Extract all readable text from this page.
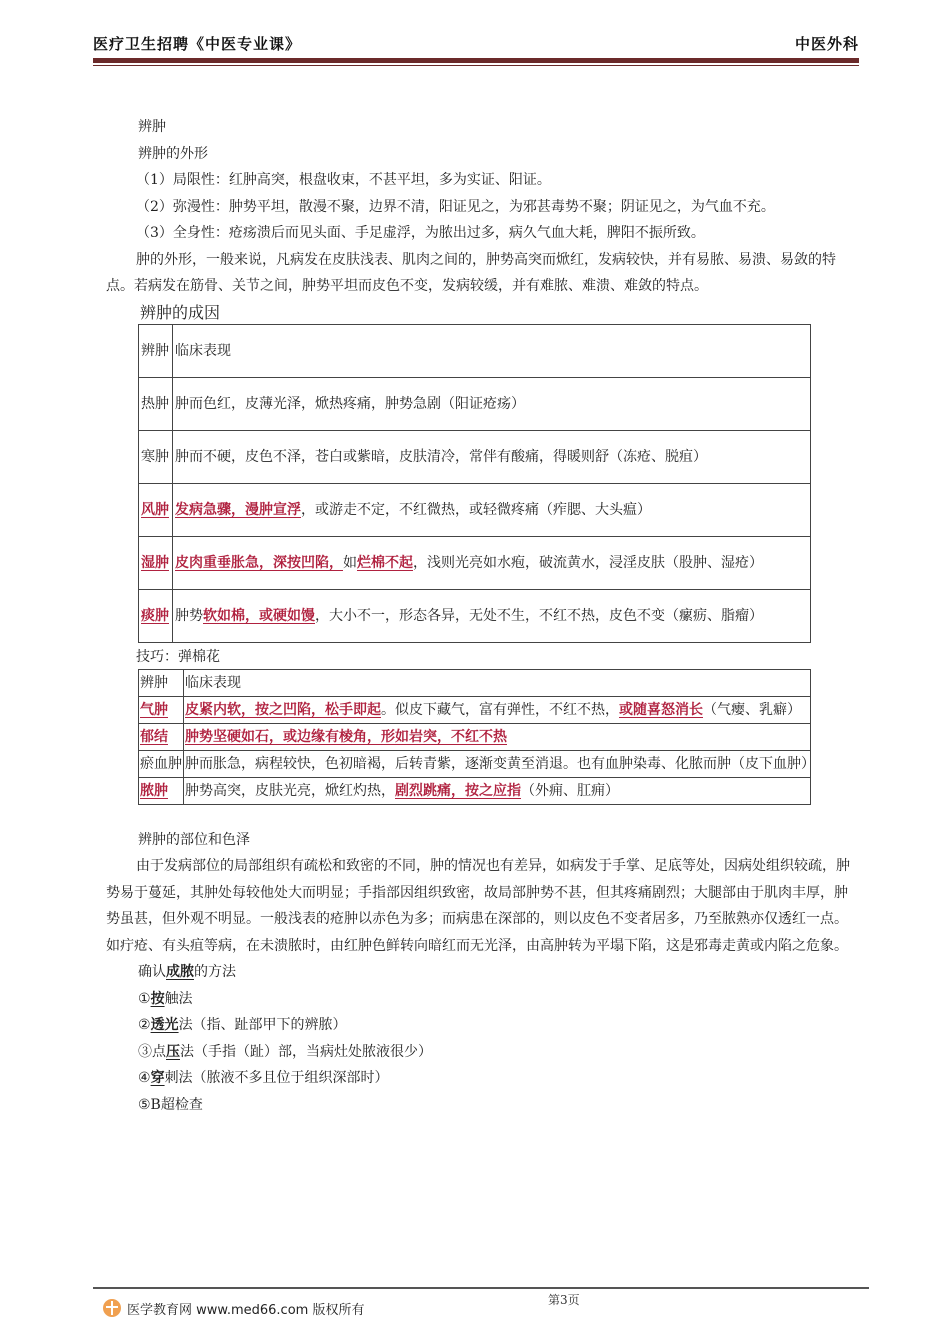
医疗卫生招聘《中医专业课》	中医外科

辨肿

辨肿的外形

（1）局限性：红肿高突，根盘收束，不甚平坦，多为实证、阳证。

（2）弥漫性：肿势平坦，散漫不聚，边界不清，阳证见之，为邪甚毒势不聚；阴证见之，为气血不充。

（3）全身性：疮疡溃后而见头面、手足虚浮，为脓出过多，病久气血大耗，脾阳不振所致。

肿的外形，一般来说，凡病发在皮肤浅表、肌肉之间的，肿势高突而焮红，发病较快，并有易脓、易溃、易敛的特点。若病发在筋骨、关节之间，肿势平坦而皮色不变，发病较缓，并有难脓、难溃、难敛的特点。

辨肿的成因

辨肿	临床表现
热肿	肿而色红，皮薄光泽，焮热疼痛，肿势急剧（阳证疮疡）
寒肿	肿而不硬，皮色不泽，苍白或紫暗，皮肤清冷，常伴有酸痛，得暖则舒（冻疮、脱疽）
风肿	发病急骤，漫肿宣浮，或游走不定，不红微热，或轻微疼痛（痄腮、大头瘟）
湿肿	皮肉重垂胀急，深按凹陷，如烂棉不起，浅则光亮如水疱，破流黄水，浸淫皮肤（股肿、湿疮）
痰肿	肿势软如棉，或硬如馒，大小不一，形态各异，无处不生，不红不热，皮色不变（瘰疬、脂瘤）

技巧：弹棉花

辨肿	临床表现
气肿	皮紧内软，按之凹陷，松手即起。似皮下藏气，富有弹性，不红不热，或随喜怒消长（气瘿、乳癖）
郁结	肿势坚硬如石，或边缘有棱角，形如岩突，不红不热
瘀血肿	肿而胀急，病程较快，色初暗褐，后转青紫，逐渐变黄至消退。也有血肿染毒、化脓而肿（皮下血肿）
脓肿	肿势高突，皮肤光亮，焮红灼热，剧烈跳痛，按之应指（外痈、肛痈）

辨肿的部位和色泽

由于发病部位的局部组织有疏松和致密的不同，肿的情况也有差异，如病发于手掌、足底等处，因病处组织较疏，肿势易于蔓延，其肿处每较他处大而明显；手指部因组织致密，故局部肿势不甚，但其疼痛剧烈；大腿部由于肌肉丰厚，肿势虽甚，但外观不明显。一般浅表的疮肿以赤色为多；而病患在深部的，则以皮色不变者居多，乃至脓熟亦仅透红一点。如疔疮、有头疽等病，在未溃脓时，由红肿色鲜转向暗红而无光泽，由高肿转为平塌下陷，这是邪毒走黄或内陷之危象。

确认成脓的方法

①按触法

②透光法（指、趾部甲下的辨脓）

③点压法（手指（趾）部，当病灶处脓液很少）

④穿刺法（脓液不多且位于组织深部时）

⑤B超检查

医学教育网 www.med66.com 版权所有
第3页
